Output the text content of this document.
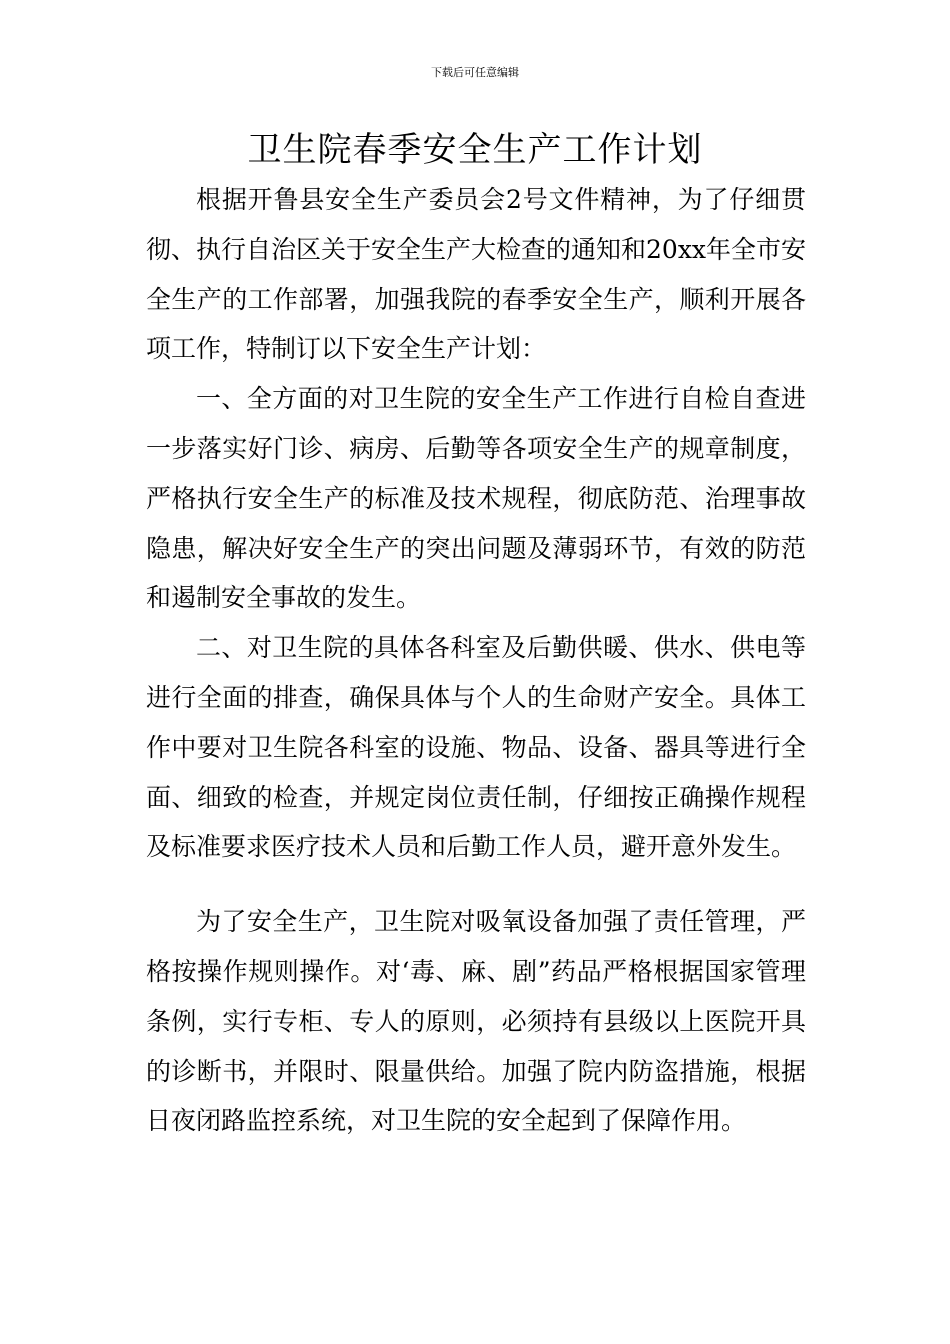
下载后可任意编辑
卫生院春季安全生产工作计划

根据开鲁县安全生产委员会2号文件精神，为了仔细贯彻、执行自治区关于安全生产大检查的通知和20xx年全市安全生产的工作部署，加强我院的春季安全生产，顺利开展各项工作，特制订以下安全生产计划：

一、全方面的对卫生院的安全生产工作进行自检自查进一步落实好门诊、病房、后勤等各项安全生产的规章制度，严格执行安全生产的标准及技术规程，彻底防范、治理事故隐患，解决好安全生产的突出问题及薄弱环节，有效的防范和遏制安全事故的发生。

二、对卫生院的具体各科室及后勤供暖、供水、供电等进行全面的排查，确保具体与个人的生命财产安全。具体工作中要对卫生院各科室的设施、物品、设备、器具等进行全面、细致的检查，并规定岗位责任制，仔细按正确操作规程及标准要求医疗技术人员和后勤工作人员，避开意外发生。

为了安全生产，卫生院对吸氧设备加强了责任管理，严格按操作规则操作。对‘毒、麻、剧”药品严格根据国家管理条例，实行专柜、专人的原则，必须持有县级以上医院开具的诊断书，并限时、限量供给。加强了院内防盗措施，根据日夜闭路监控系统，对卫生院的安全起到了保障作用。
